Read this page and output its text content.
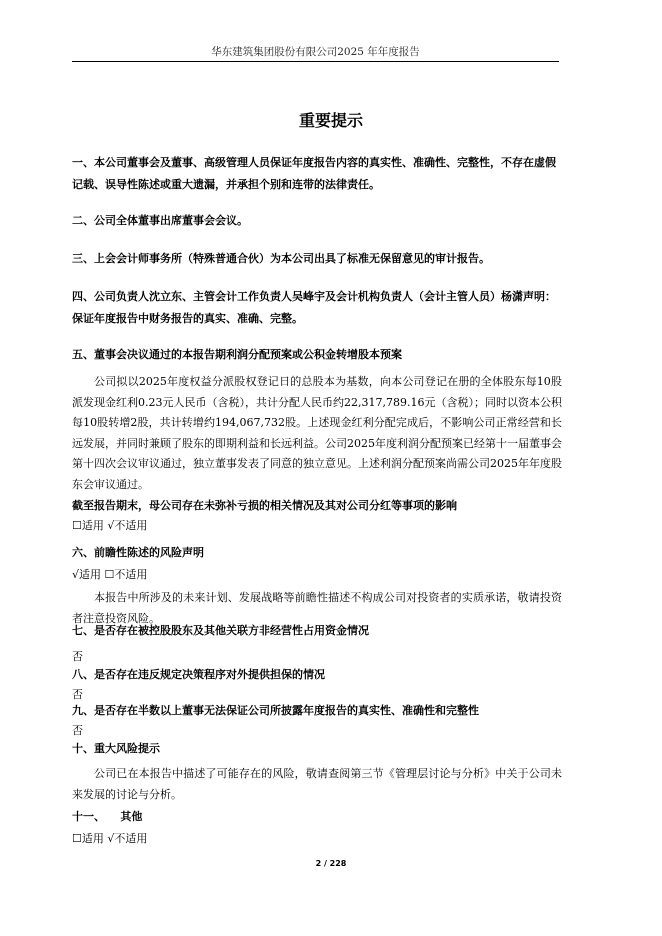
华东建筑集团股份有限公司2025 年年度报告
重要提示

一、本公司董事会及董事、高级管理人员保证年度报告内容的真实性、准确性、完整性，不存在虚假记载、误导性陈述或重大遗漏，并承担个别和连带的法律责任。

二、公司全体董事出席董事会会议。

三、上会会计师事务所（特殊普通合伙）为本公司出具了标准无保留意见的审计报告。

四、公司负责人沈立东、主管会计工作负责人吴峰宇及会计机构负责人（会计主管人员）杨潇声明：保证年度报告中财务报告的真实、准确、完整。

五、董事会决议通过的本报告期利润分配预案或公积金转增股本预案

公司拟以2025年度权益分派股权登记日的总股本为基数，向本公司登记在册的全体股东每10股派发现金红利0.23元人民币（含税），共计分配人民币约22,317,789.16元（含税）；同时以资本公积每10股转增2股，共计转增约194,067,732股。上述现金红利分配完成后，不影响公司正常经营和长远发展，并同时兼顾了股东的即期利益和长远利益。公司2025年度利润分配预案已经第十一届董事会第十四次会议审议通过，独立董事发表了同意的独立意见。上述利润分配预案尚需公司2025年年度股东会审议通过。

截至报告期末，母公司存在未弥补亏损的相关情况及其对公司分红等事项的影响

☐适用 √不适用

六、前瞻性陈述的风险声明

√适用 ☐不适用

本报告中所涉及的未来计划、发展战略等前瞻性描述不构成公司对投资者的实质承诺，敬请投资者注意投资风险。

七、是否存在被控股股东及其他关联方非经营性占用资金情况

否

八、是否存在违反规定决策程序对外提供担保的情况

否

九、是否存在半数以上董事无法保证公司所披露年度报告的真实性、准确性和完整性

否

十、重大风险提示

公司已在本报告中描述了可能存在的风险，敬请查阅第三节《管理层讨论与分析》中关于公司未来发展的讨论与分析。

十一、    其他

☐适用 √不适用

2 / 228
